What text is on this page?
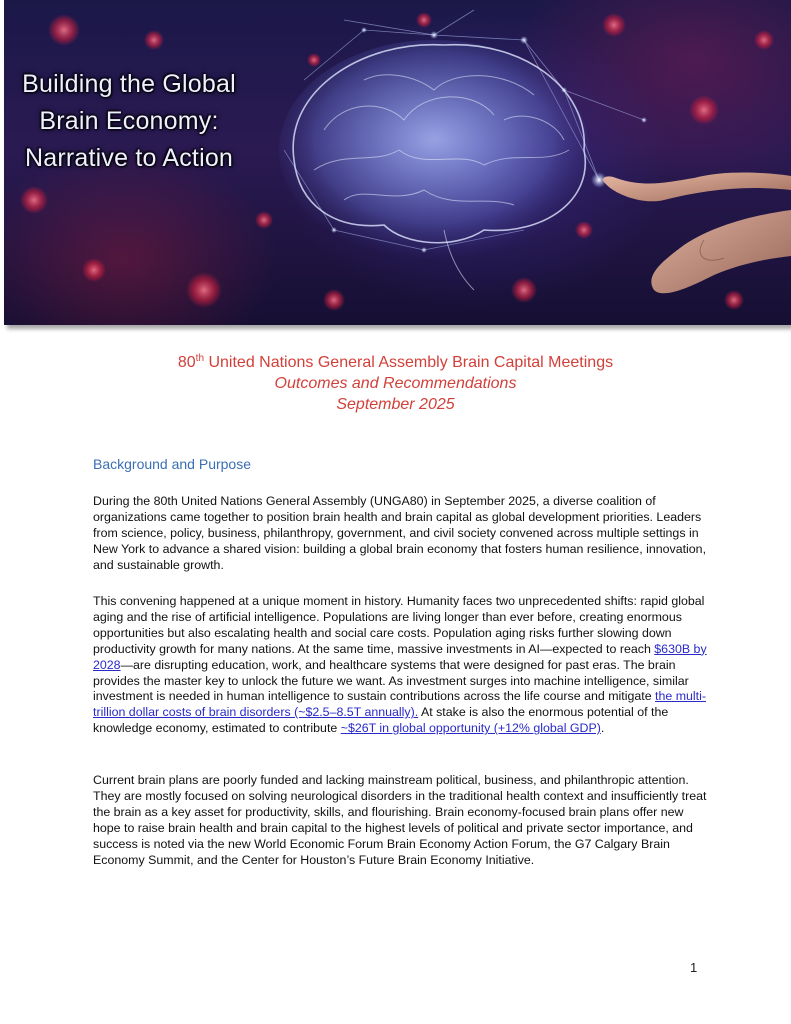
Building the Global
Brain Economy:
Narrative to Action
80th United Nations General Assembly Brain Capital Meetings
Outcomes and Recommendations
September 2025
Background and Purpose
During the 80th United Nations General Assembly (UNGA80) in September 2025, a diverse coalition of organizations came together to position brain health and brain capital as global development priorities. Leaders from science, policy, business, philanthropy, government, and civil society convened across multiple settings in New York to advance a shared vision: building a global brain economy that fosters human resilience, innovation, and sustainable growth.
This convening happened at a unique moment in history. Humanity faces two unprecedented shifts: rapid global aging and the rise of artificial intelligence. Populations are living longer than ever before, creating enormous opportunities but also escalating health and social care costs. Population aging risks further slowing down productivity growth for many nations. At the same time, massive investments in AI—expected to reach $630B by 2028—are disrupting education, work, and healthcare systems that were designed for past eras. The brain provides the master key to unlock the future we want. As investment surges into machine intelligence, similar investment is needed in human intelligence to sustain contributions across the life course and mitigate the multi-trillion dollar costs of brain disorders (~$2.5–8.5T annually). At stake is also the enormous potential of the knowledge economy, estimated to contribute ~$26T in global opportunity (+12% global GDP).
Current brain plans are poorly funded and lacking mainstream political, business, and philanthropic attention. They are mostly focused on solving neurological disorders in the traditional health context and insufficiently treat the brain as a key asset for productivity, skills, and flourishing. Brain economy-focused brain plans offer new hope to raise brain health and brain capital to the highest levels of political and private sector importance, and success is noted via the new World Economic Forum Brain Economy Action Forum, the G7 Calgary Brain Economy Summit, and the Center for Houston’s Future Brain Economy Initiative.
1
